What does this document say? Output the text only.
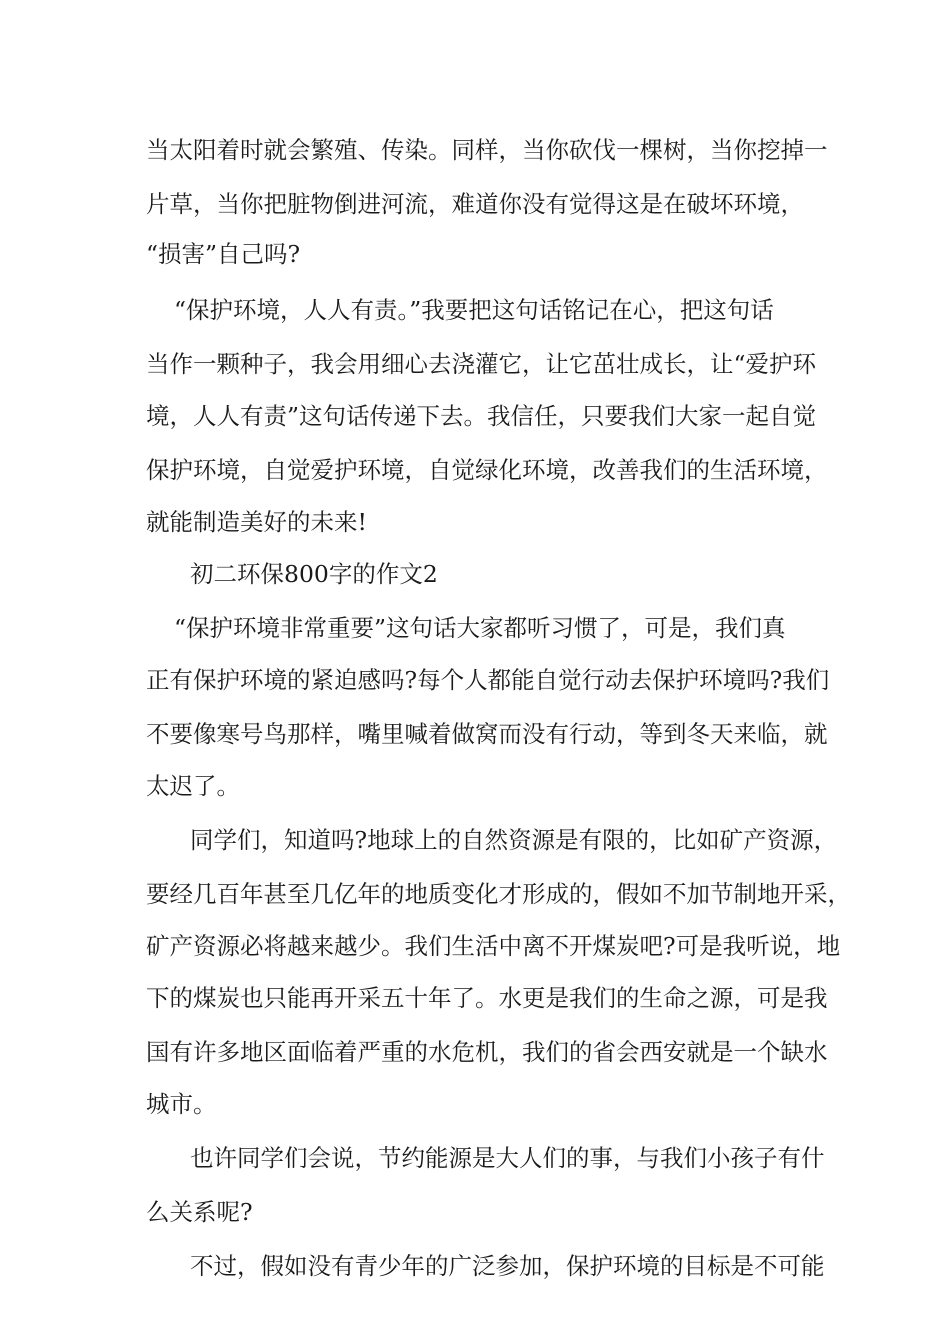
当太阳着时就会繁殖、传染。同样，当你砍伐一棵树，当你挖掉一
片草，当你把脏物倒进河流，难道你没有觉得这是在破坏环境，
“损害”自己吗?
“保护环境，人人有责。”我要把这句话铭记在心，把这句话
当作一颗种子，我会用细心去浇灌它，让它茁壮成长，让“爱护环
境，人人有责”这句话传递下去。我信任，只要我们大家一起自觉
保护环境，自觉爱护环境，自觉绿化环境，改善我们的生活环境，
就能制造美好的未来!
初二环保800字的作文2
“保护环境非常重要”这句话大家都听习惯了，可是，我们真
正有保护环境的紧迫感吗?每个人都能自觉行动去保护环境吗?我们
不要像寒号鸟那样，嘴里喊着做窝而没有行动，等到冬天来临，就
太迟了。
同学们，知道吗?地球上的自然资源是有限的，比如矿产资源，
要经几百年甚至几亿年的地质变化才形成的，假如不加节制地开采，
矿产资源必将越来越少。我们生活中离不开煤炭吧?可是我听说，地
下的煤炭也只能再开采五十年了。水更是我们的生命之源，可是我
国有许多地区面临着严重的水危机，我们的省会西安就是一个缺水
城市。
也许同学们会说，节约能源是大人们的事，与我们小孩子有什
么关系呢?
不过，假如没有青少年的广泛参加，保护环境的目标是不可能
